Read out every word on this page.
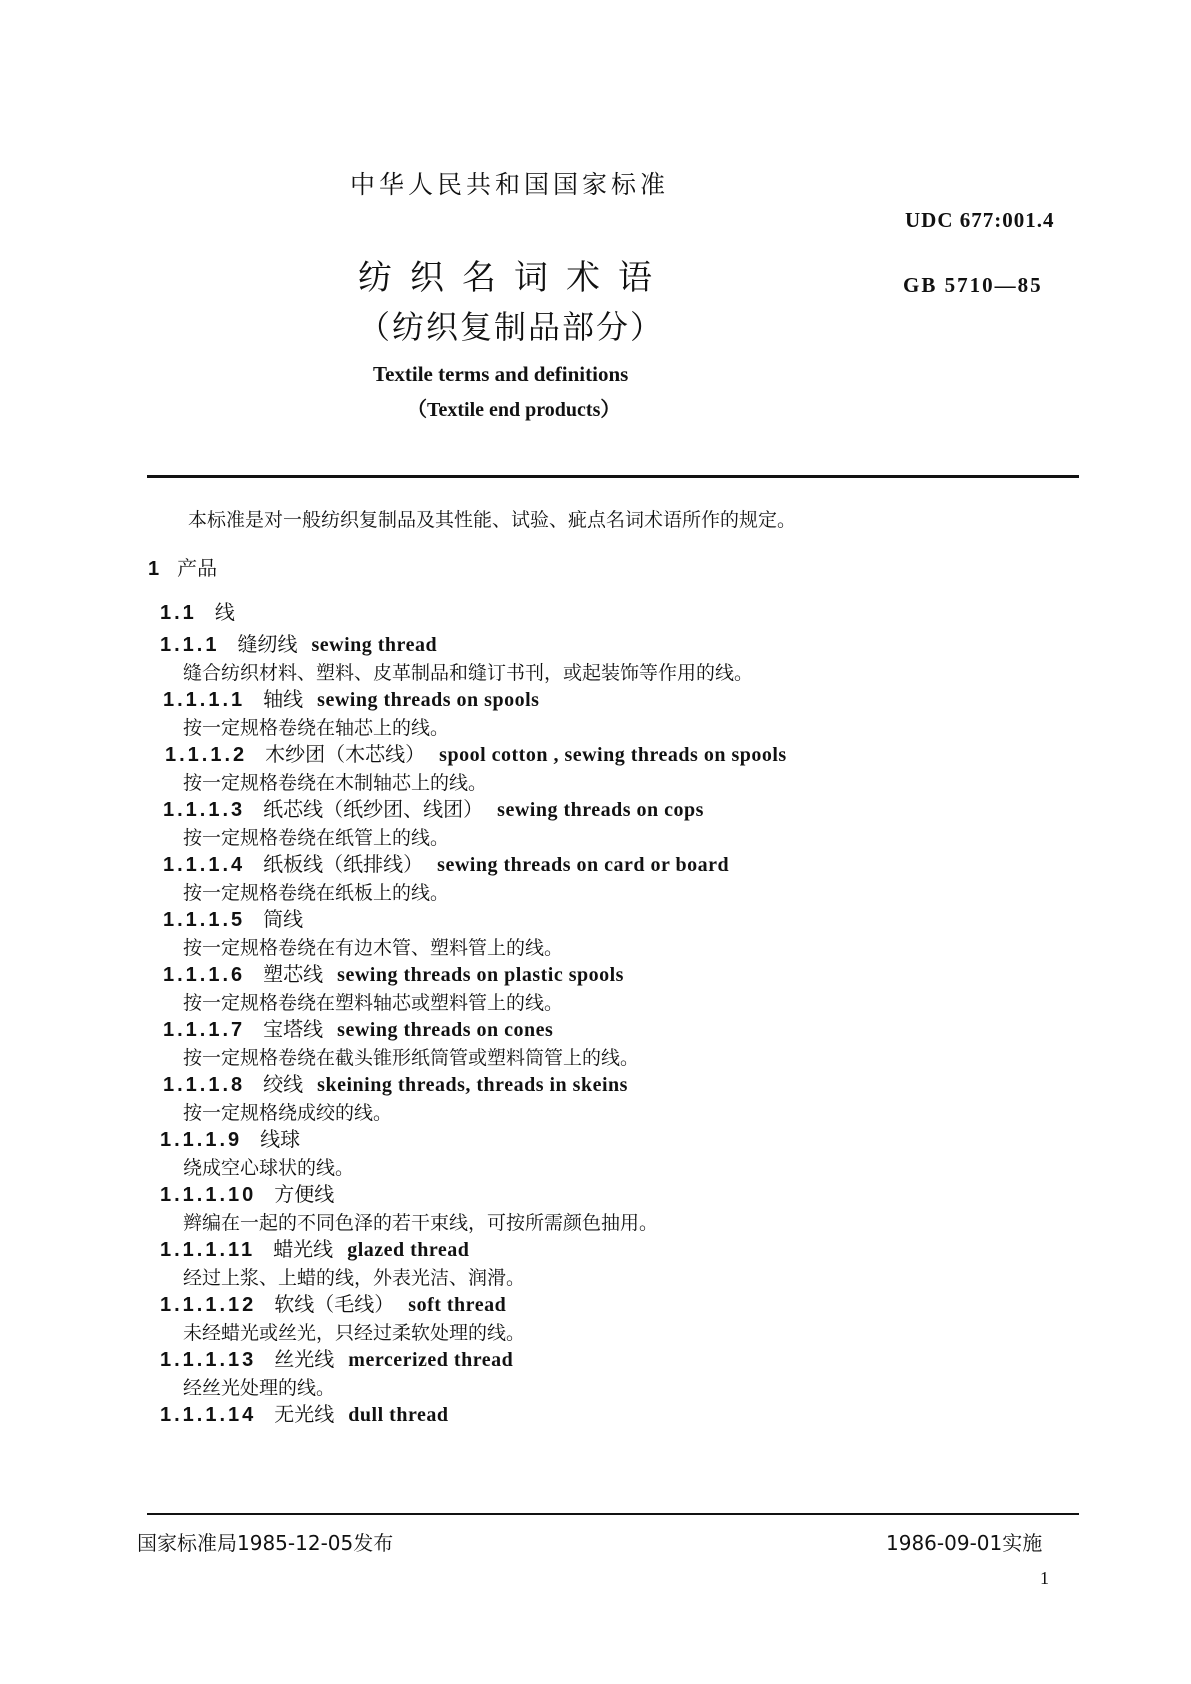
中华人民共和国国家标准
UDC 677:001.4
GB 5710—85
纺织名词术语
（纺织复制品部分）
Textile terms and definitions
（Textile end products）
本标准是对一般纺织复制品及其性能、试验、疵点名词术语所作的规定。
1 产品
1.1 线
1.1.1 缝纫线 sewing thread
缝合纺织材料、塑料、皮革制品和缝订书刊，或起装饰等作用的线。
1.1.1.1 轴线 sewing threads on spools
按一定规格卷绕在轴芯上的线。
1.1.1.2 木纱团（木芯线） spool cotton , sewing threads on spools
按一定规格卷绕在木制轴芯上的线。
1.1.1.3 纸芯线（纸纱团、线团） sewing threads on cops
按一定规格卷绕在纸管上的线。
1.1.1.4 纸板线（纸排线） sewing threads on card or board
按一定规格卷绕在纸板上的线。
1.1.1.5 筒线
按一定规格卷绕在有边木管、塑料管上的线。
1.1.1.6 塑芯线 sewing threads on plastic spools
按一定规格卷绕在塑料轴芯或塑料管上的线。
1.1.1.7 宝塔线 sewing threads on cones
按一定规格卷绕在截头锥形纸筒管或塑料筒管上的线。
1.1.1.8 绞线 skeining threads, threads in skeins
按一定规格绕成绞的线。
1.1.1.9 线球
绕成空心球状的线。
1.1.1.10 方便线
辫编在一起的不同色泽的若干束线，可按所需颜色抽用。
1.1.1.11 蜡光线 glazed thread
经过上浆、上蜡的线，外表光洁、润滑。
1.1.1.12 软线（毛线） soft thread
未经蜡光或丝光，只经过柔软处理的线。
1.1.1.13 丝光线 mercerized thread
经丝光处理的线。
1.1.1.14 无光线 dull thread
国家标准局1985-12-05发布	1986-09-01实施
1
